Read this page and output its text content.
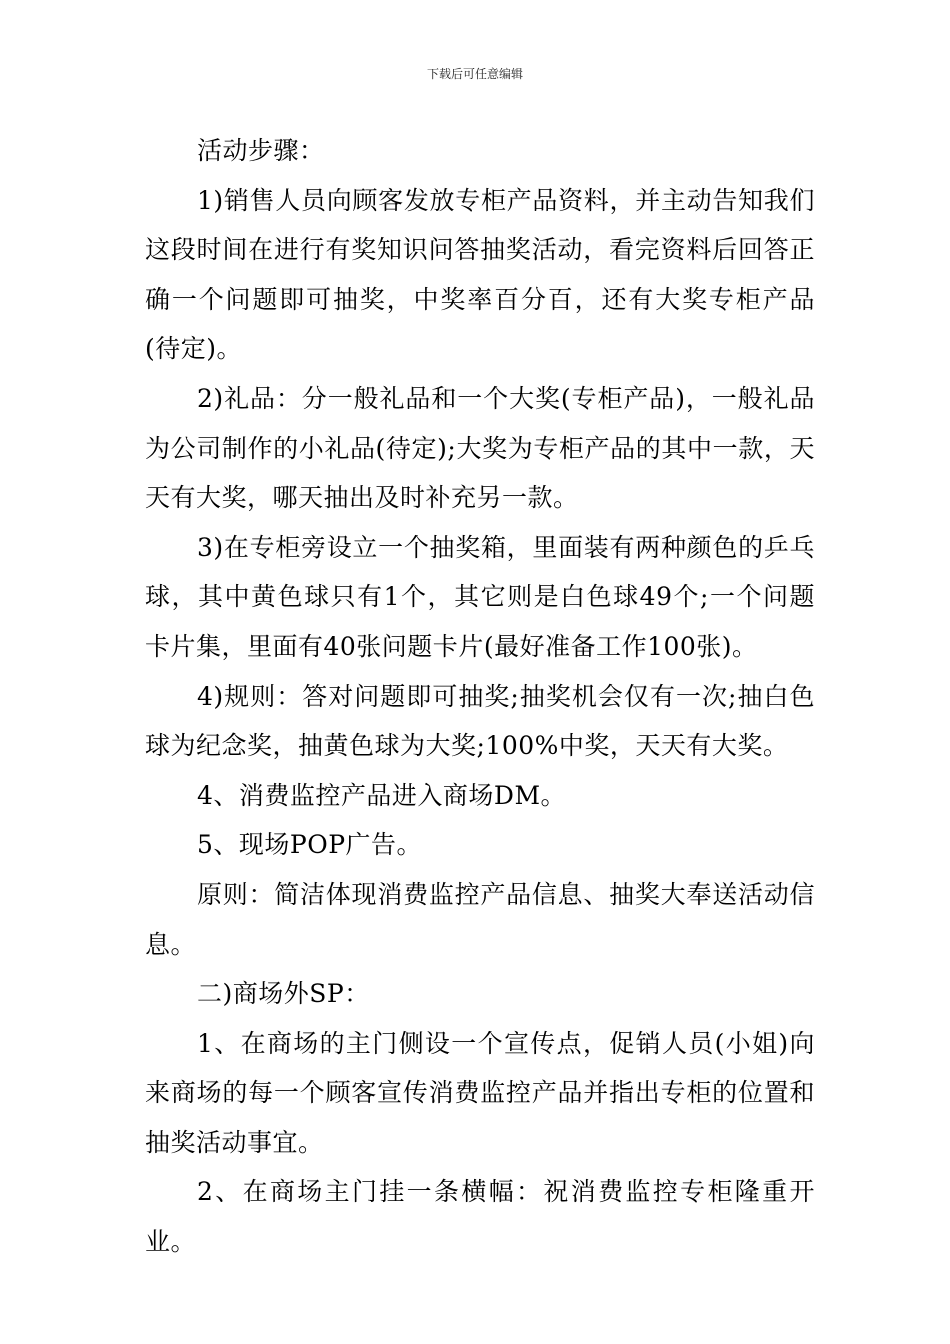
下载后可任意编辑

活动步骤：

1)销售人员向顾客发放专柜产品资料，并主动告知我们这段时间在进行有奖知识问答抽奖活动，看完资料后回答正确一个问题即可抽奖，中奖率百分百，还有大奖专柜产品(待定)。

2)礼品：分一般礼品和一个大奖(专柜产品)，一般礼品为公司制作的小礼品(待定);大奖为专柜产品的其中一款，天天有大奖，哪天抽出及时补充另一款。

3)在专柜旁设立一个抽奖箱，里面装有两种颜色的乒乓球，其中黄色球只有1个，其它则是白色球49个;一个问题卡片集，里面有40张问题卡片(最好准备工作100张)。

4)规则：答对问题即可抽奖;抽奖机会仅有一次;抽白色球为纪念奖，抽黄色球为大奖;100%中奖，天天有大奖。

4、消费监控产品进入商场DM。

5、现场POP广告。

原则：简洁体现消费监控产品信息、抽奖大奉送活动信息。

二)商场外SP：

1、在商场的主门侧设一个宣传点，促销人员(小姐)向来商场的每一个顾客宣传消费监控产品并指出专柜的位置和抽奖活动事宜。

2、在商场主门挂一条横幅：祝消费监控专柜隆重开业。
